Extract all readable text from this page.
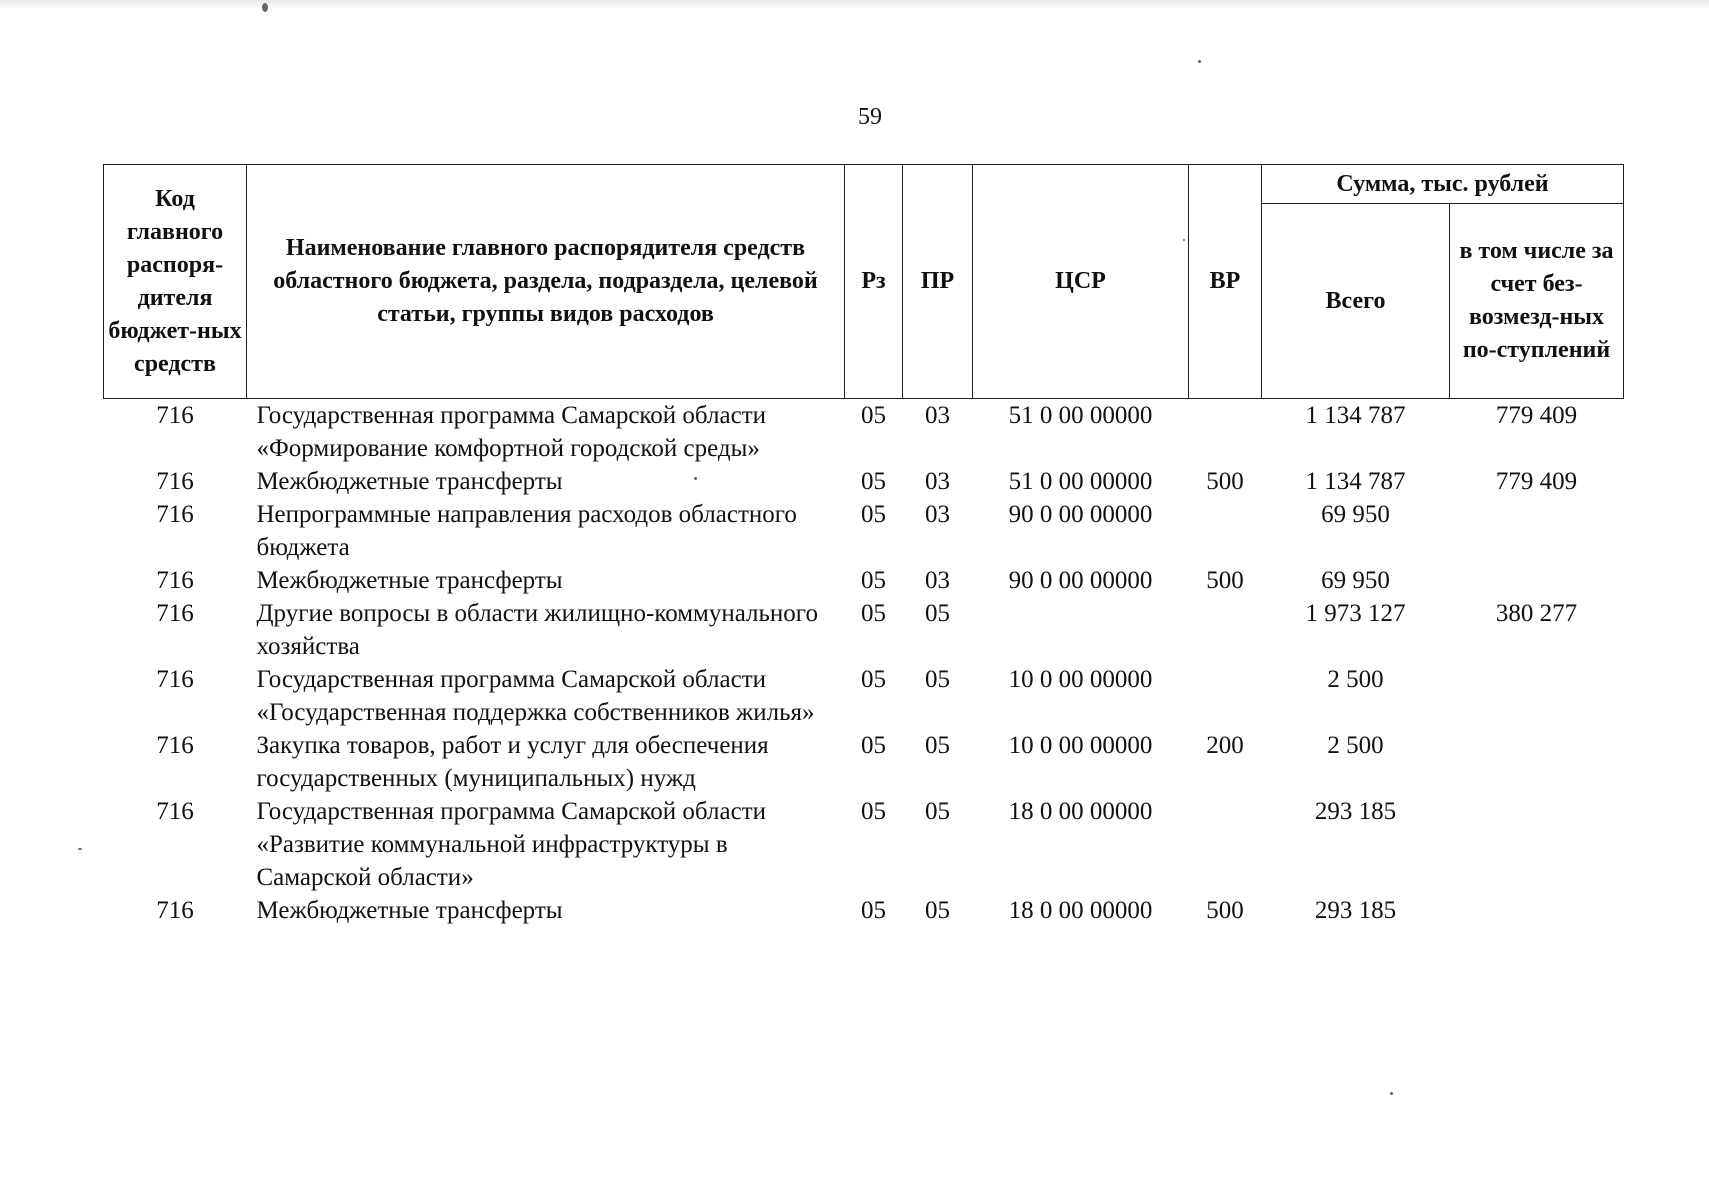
59
Код главного распоря-дителя бюджет-ных средств	Наименование главного распорядителя средств областного бюджета, раздела, подраздела, целевой статьи, группы видов расходов	Рз	ПР	ЦСР	ВР	Сумма, тыс. рублей	
						Всего	в том числе за счет без-возмезд-ных по-ступлений
716	Государственная программа Самарской области «Формирование комфортной городской среды»	05	03	51 0 00 00000		1 134 787	779 409
716	Межбюджетные трансферты	05	03	51 0 00 00000	500	1 134 787	779 409
716	Непрограммные направления расходов областного бюджета	05	03	90 0 00 00000		69 950	
716	Межбюджетные трансферты	05	03	90 0 00 00000	500	69 950	
716	Другие вопросы в области жилищно-коммунального хозяйства	05	05			1 973 127	380 277
716	Государственная программа Самарской области «Государственная поддержка собственников жилья»	05	05	10 0 00 00000		2 500	
716	Закупка товаров, работ и услуг для обеспечения государственных (муниципальных) нужд	05	05	10 0 00 00000	200	2 500	
716	Государственная программа Самарской области «Развитие коммунальной инфраструктуры в Самарской области»	05	05	18 0 00 00000		293 185	
716	Межбюджетные трансферты	05	05	18 0 00 00000	500	293 185	
